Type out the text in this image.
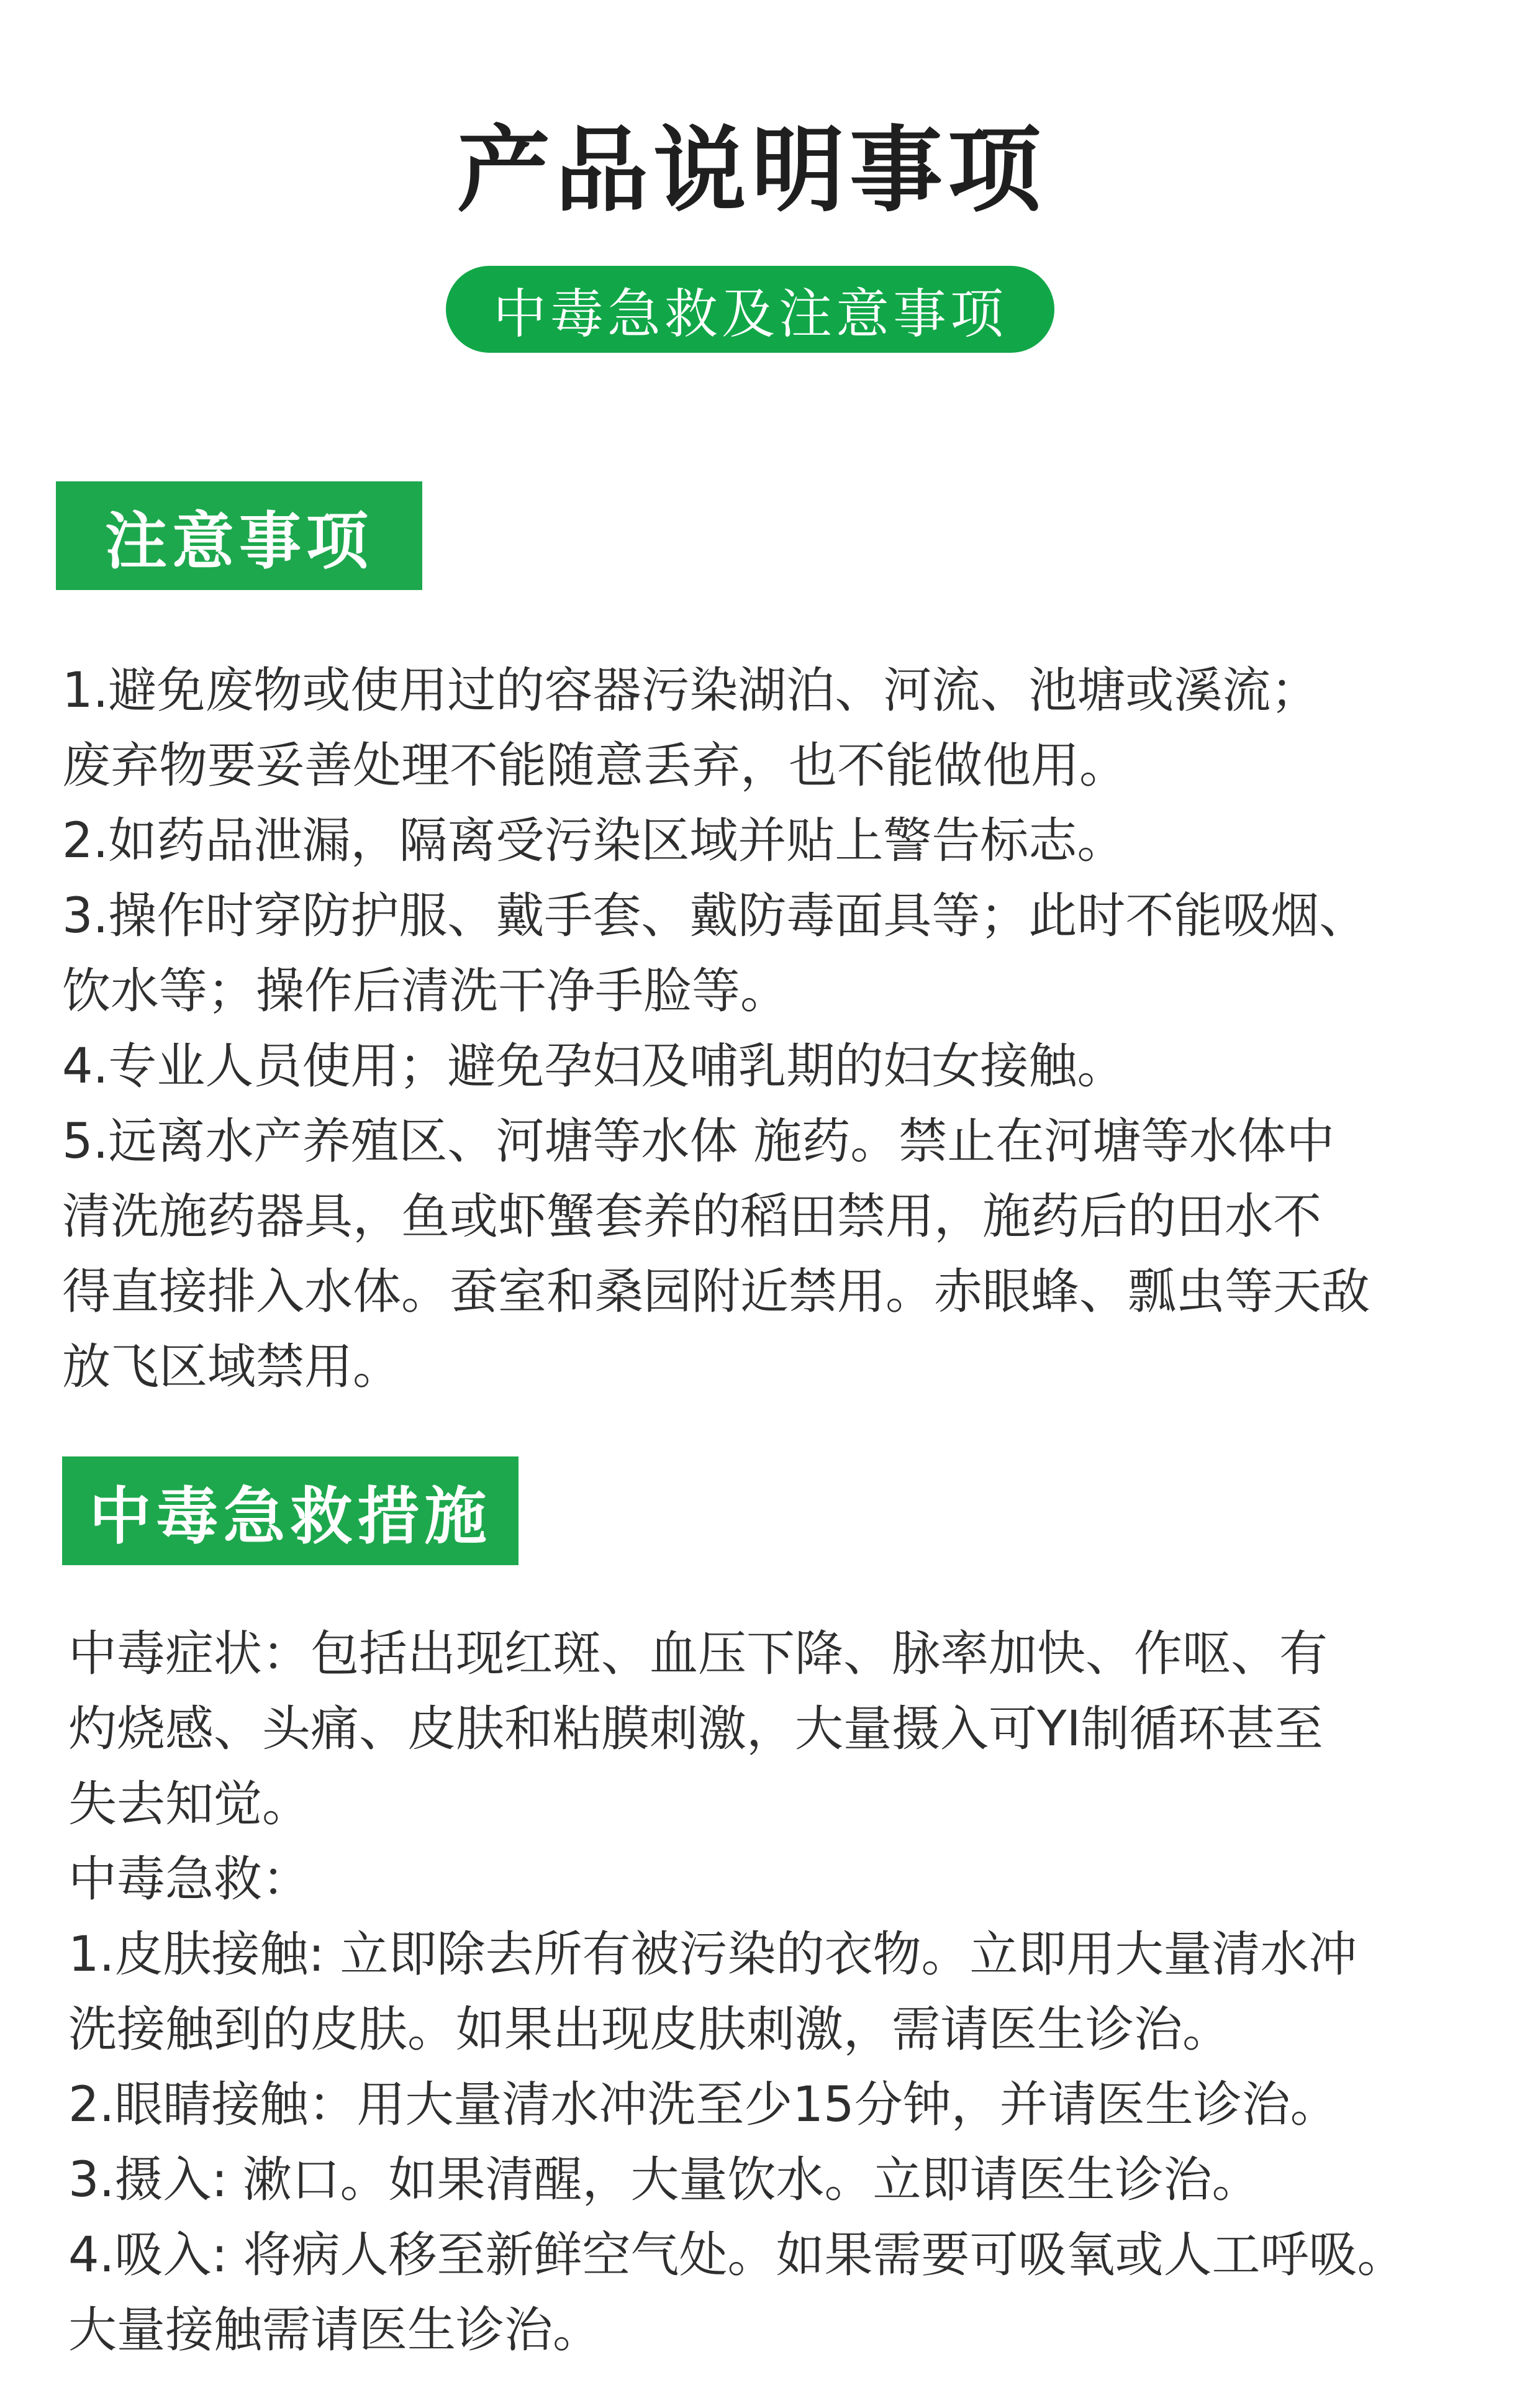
产品说明事项
中毒急救及注意事项
注意事项
1.避免废物或使用过的容器污染湖泊、河流、池塘或溪流；
废弃物要妥善处理不能随意丢弃，也不能做他用。
2.如药品泄漏，隔离受污染区域并贴上警告标志。
3.操作时穿防护服、戴手套、戴防毒面具等；此时不能吸烟、
饮水等；操作后清洗干净手脸等。
4.专业人员使用；避免孕妇及哺乳期的妇女接触。
5.远离水产养殖区、河塘等水体 施药。禁止在河塘等水体中
清洗施药器具，鱼或虾蟹套养的稻田禁用，施药后的田水不
得直接排入水体。蚕室和桑园附近禁用。赤眼蜂、瓢虫等天敌
放飞区域禁用。
中毒急救措施
中毒症状：包括出现红斑、血压下降、脉率加快、作呕、有
灼烧感、头痛、皮肤和粘膜刺激，大量摄入可YI制循环甚至
失去知觉。
中毒急救：
1.皮肤接触: 立即除去所有被污染的衣物。立即用大量清水冲
洗接触到的皮肤。如果出现皮肤刺激，需请医生诊治。
2.眼睛接触：用大量清水冲洗至少15分钟，并请医生诊治。
3.摄入: 漱口。如果清醒，大量饮水。立即请医生诊治。
4.吸入: 将病人移至新鲜空气处。如果需要可吸氧或人工呼吸。
大量接触需请医生诊治。
